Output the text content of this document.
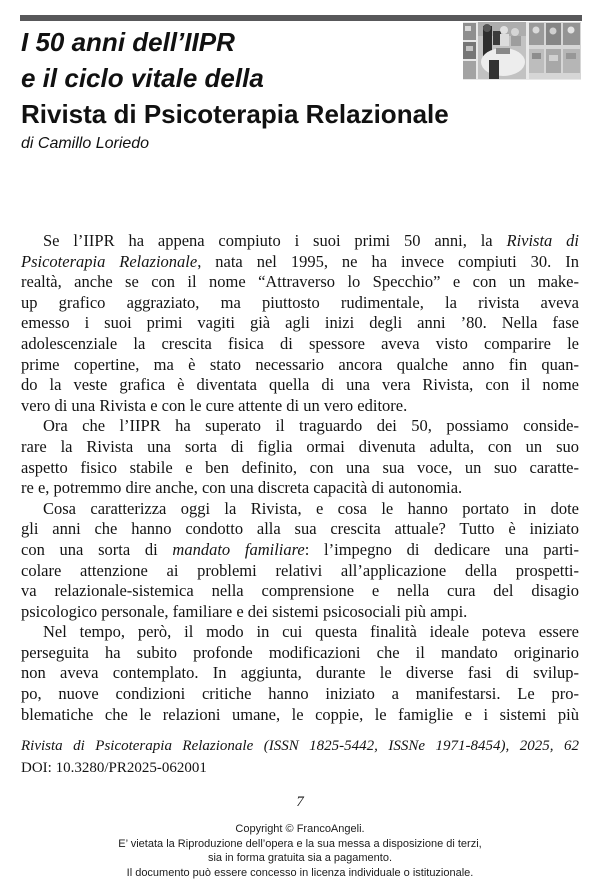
I 50 anni dell’IIPR
e il ciclo vitale della
Rivista di Psicoterapia Relazionale
di Camillo Loriedo
Se l’IIPR ha appena compiuto i suoi primi 50 anni, la Rivista di
Psicoterapia Relazionale, nata nel 1995, ne ha invece compiuti 30. In
realtà, anche se con il nome “Attraverso lo Specchio” e con un make-
up grafico aggraziato, ma piuttosto rudimentale, la rivista aveva
emesso i suoi primi vagiti già agli inizi degli anni ’80. Nella fase
adolescenziale la crescita fisica di spessore aveva visto comparire le
prime copertine, ma è stato necessario ancora qualche anno fin quan-
do la veste grafica è diventata quella di una vera Rivista, con il nome
vero di una Rivista e con le cure attente di un vero editore.
Ora che l’IIPR ha superato il traguardo dei 50, possiamo conside-
rare la Rivista una sorta di figlia ormai divenuta adulta, con un suo
aspetto fisico stabile e ben definito, con una sua voce, un suo caratte-
re e, potremmo dire anche, con una discreta capacità di autonomia.
Cosa caratterizza oggi la Rivista, e cosa le hanno portato in dote
gli anni che hanno condotto alla sua crescita attuale? Tutto è iniziato
con una sorta di mandato familiare: l’impegno di dedicare una parti-
colare attenzione ai problemi relativi all’applicazione della prospetti-
va relazionale-sistemica nella comprensione e nella cura del disagio
psicologico personale, familiare e dei sistemi psicosociali più ampi.
Nel tempo, però, il modo in cui questa finalità ideale poteva essere
perseguita ha subito profonde modificazioni che il mandato originario
non aveva contemplato. In aggiunta, durante le diverse fasi di svilup-
po, nuove condizioni critiche hanno iniziato a manifestarsi. Le pro-
blematiche che le relazioni umane, le coppie, le famiglie e i sistemi più
Rivista di Psicoterapia Relazionale (ISSN 1825-5442, ISSNe 1971-8454), 2025, 62
DOI: 10.3280/PR2025-062001
7
Copyright © FrancoAngeli.
E’ vietata la Riproduzione dell’opera e la sua messa a disposizione di terzi,
sia in forma gratuita sia a pagamento.
Il documento può essere concesso in licenza individuale o istituzionale.
